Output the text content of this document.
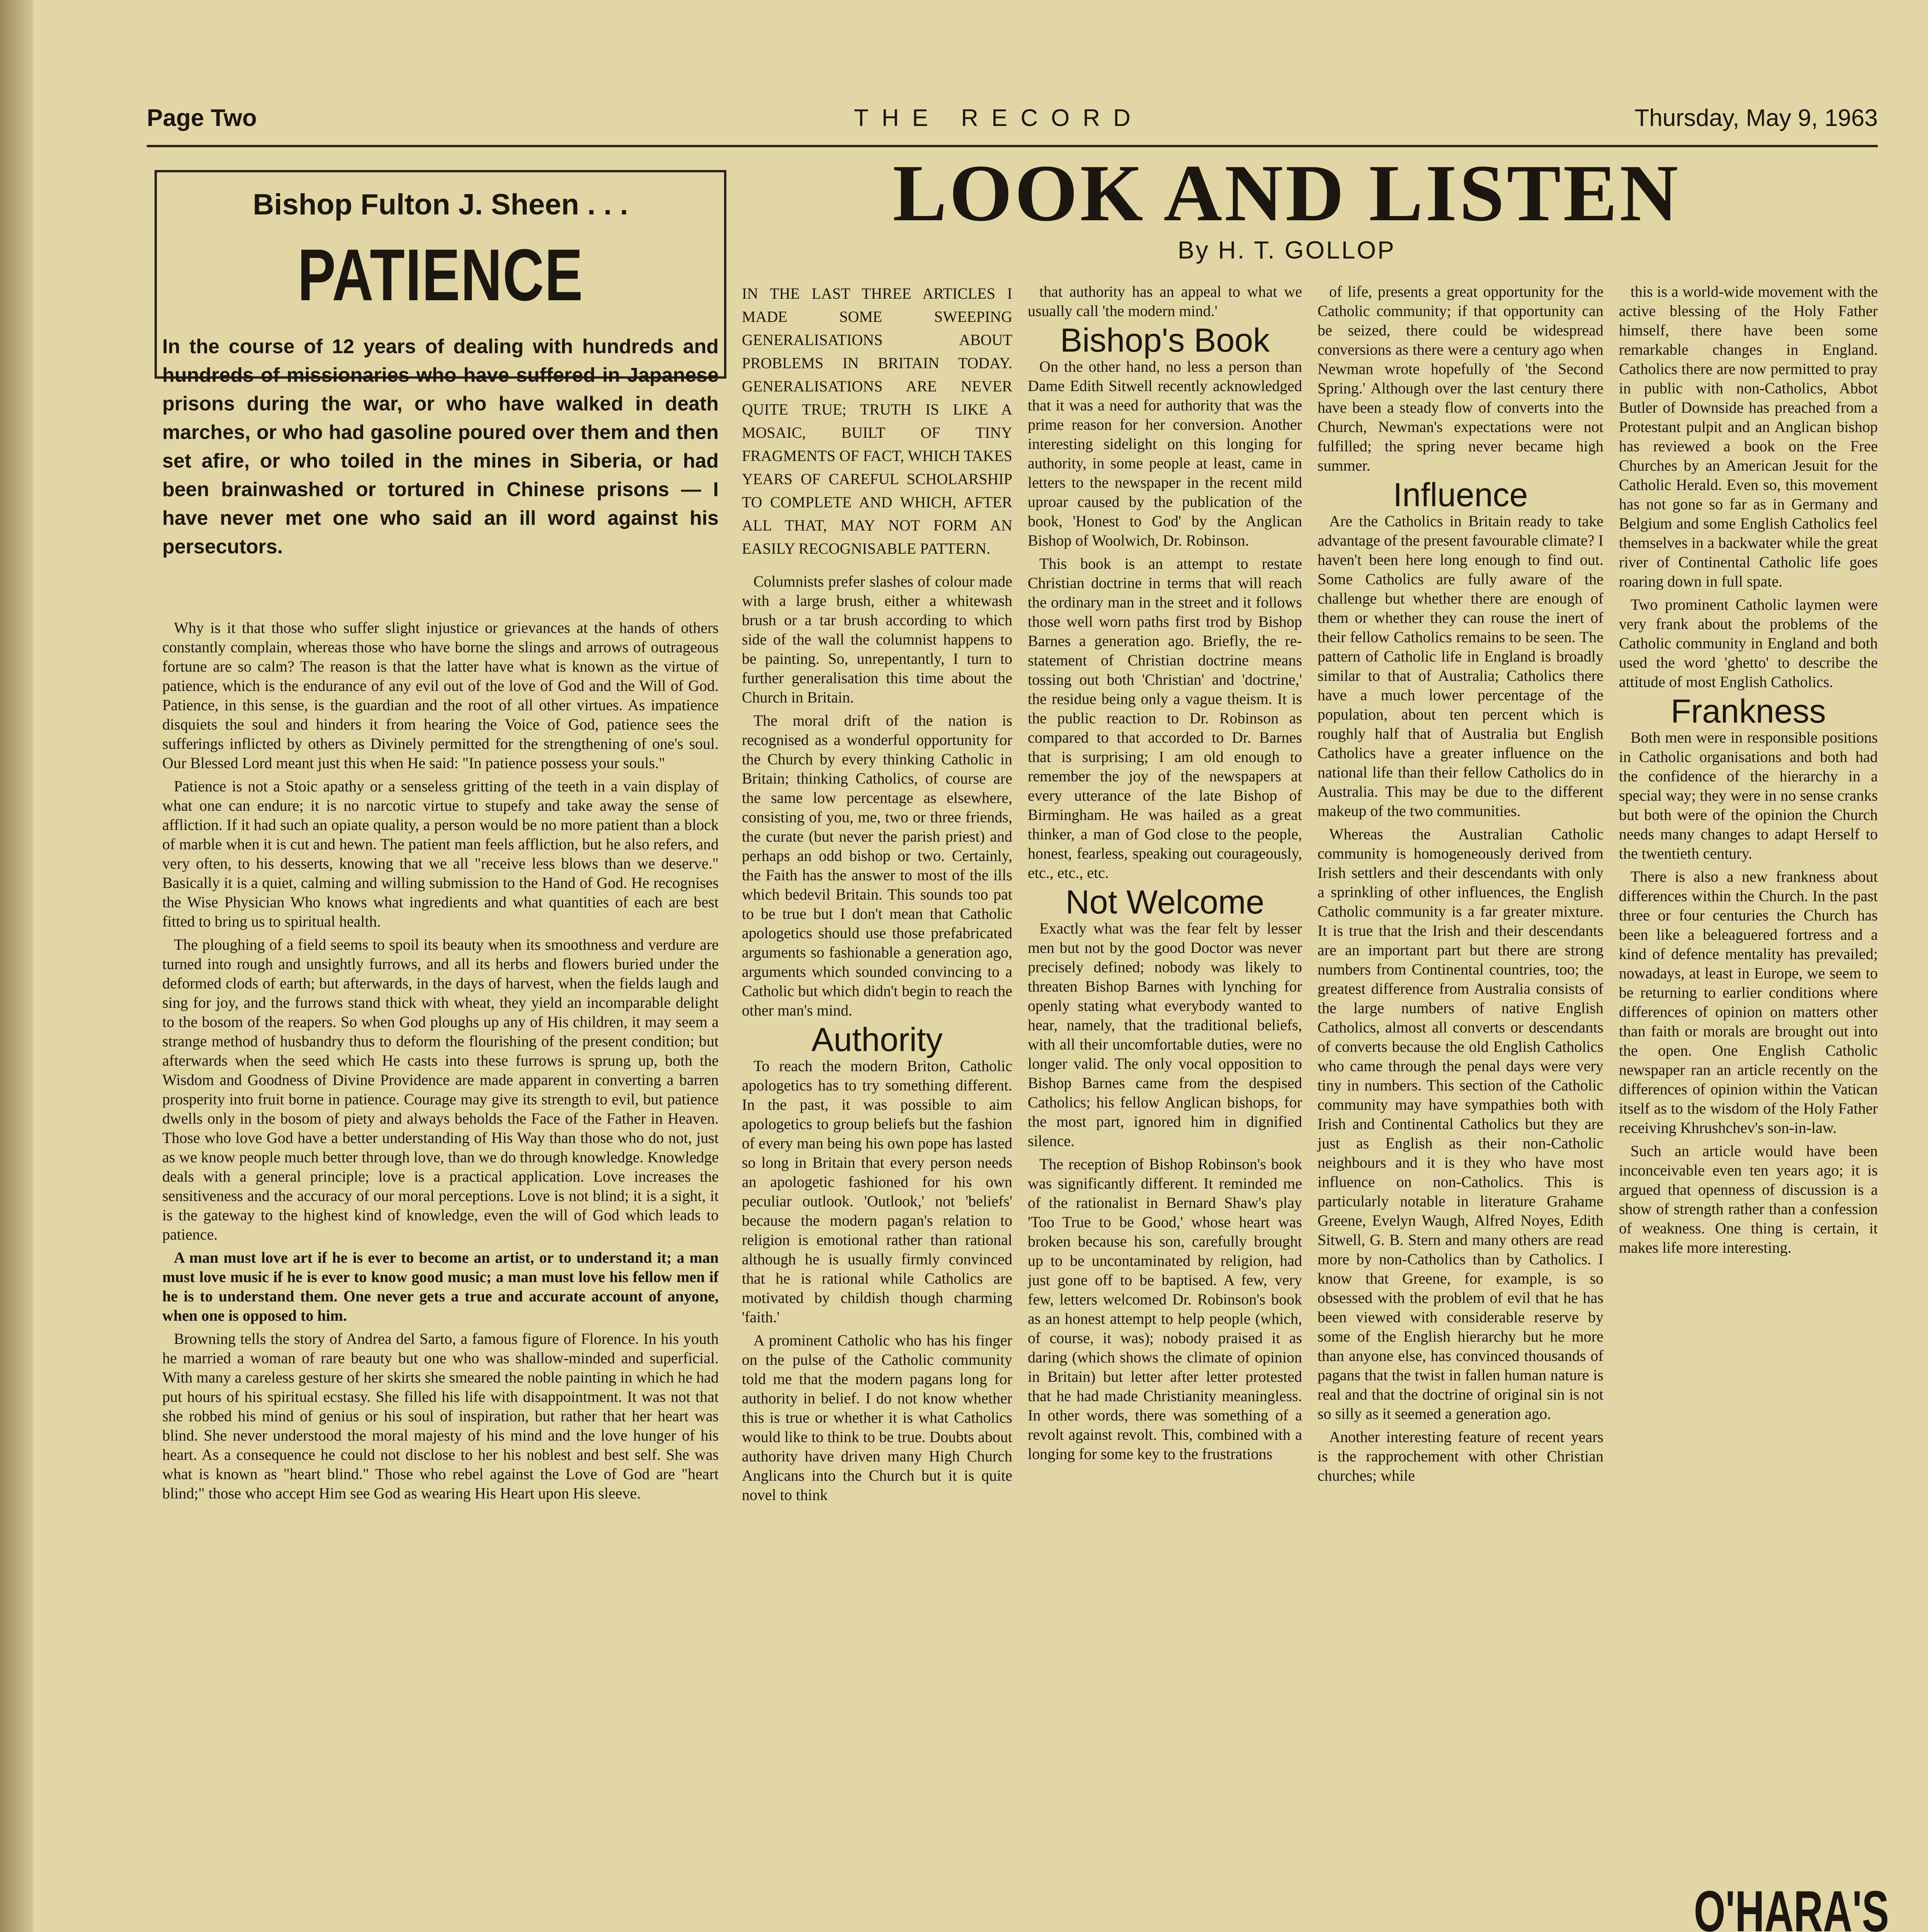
Page Two	THE RECORD	Thursday, May 9, 1963
Bishop Fulton J. Sheen . . .
PATIENCE
In the course of 12 years of dealing with hundreds and hundreds of missionaries who have suffered in Japanese prisons during the war, or who have walked in death marches, or who had gasoline poured over them and then set afire, or who toiled in the mines in Siberia, or had been brainwashed or tortured in Chinese prisons — I have never met one who said an ill word against his persecutors.

Why is it that those who suffer slight injustice or grievances at the hands of others constantly complain, whereas those who have borne the slings and arrows of outrageous fortune are so calm? The reason is that the latter have what is known as the virtue of patience, which is the endurance of any evil out of the love of God and the Will of God. Patience, in this sense, is the guardian and the root of all other virtues. As impatience disquiets the soul and hinders it from hearing the Voice of God, patience sees the sufferings inflicted by others as Divinely permitted for the strengthening of one's soul. Our Blessed Lord meant just this when He said: "In patience possess your souls."

Patience is not a Stoic apathy or a senseless gritting of the teeth in a vain display of what one can endure; it is no narcotic virtue to stupefy and take away the sense of affliction. If it had such an opiate quality, a person would be no more patient than a block of marble when it is cut and hewn. The patient man feels affliction, but he also refers, and very often, to his desserts, knowing that we all "receive less blows than we deserve." Basically it is a quiet, calming and willing submission to the Hand of God. He recognises the Wise Physician Who knows what ingredients and what quantities of each are best fitted to bring us to spiritual health.

The ploughing of a field seems to spoil its beauty when its smoothness and verdure are turned into rough and unsightly furrows, and all its herbs and flowers buried under the deformed clods of earth; but afterwards, in the days of harvest, when the fields laugh and sing for joy, and the furrows stand thick with wheat, they yield an incomparable delight to the bosom of the reapers. So when God ploughs up any of His children, it may seem a strange method of husbandry thus to deform the flourishing of the present condition; but afterwards when the seed which He casts into these furrows is sprung up, both the Wisdom and Goodness of Divine Providence are made apparent in converting a barren prosperity into fruit borne in patience. Courage may give its strength to evil, but patience dwells only in the bosom of piety and always beholds the Face of the Father in Heaven. Those who love God have a better understanding of His Way than those who do not, just as we know people much better through love, than we do through knowledge. Knowledge deals with a general principle; love is a practical application. Love increases the sensitiveness and the accuracy of our moral perceptions. Love is not blind; it is a sight, it is the gateway to the highest kind of knowledge, even the will of God which leads to patience.

A man must love art if he is ever to become an artist, or to understand it; a man must love music if he is ever to know good music; a man must love his fellow men if he is to understand them. One never gets a true and accurate account of anyone, when one is opposed to him.

Browning tells the story of Andrea del Sarto, a famous figure of Florence. In his youth he married a woman of rare beauty but one who was shallow-minded and superficial. With many a careless gesture of her skirts she smeared the noble painting in which he had put hours of his spiritual ecstasy. She filled his life with disappointment. It was not that she robbed his mind of genius or his soul of inspiration, but rather that her heart was blind. She never understood the moral majesty of his mind and the love hunger of his heart. As a consequence he could not disclose to her his noblest and best self. She was what is known as "heart blind." Those who rebel against the Love of God are "heart blind;" those who accept Him see God as wearing His Heart upon His sleeve.

LOOK AND LISTEN
By H. T. GOLLOP
IN THE LAST THREE ARTICLES I MADE SOME SWEEPING GENERALISATIONS ABOUT PROBLEMS IN BRITAIN TODAY. GENERALISATIONS ARE NEVER QUITE TRUE; TRUTH IS LIKE A MOSAIC, BUILT OF TINY FRAGMENTS OF FACT, WHICH TAKES YEARS OF CAREFUL SCHOLARSHIP TO COMPLETE AND WHICH, AFTER ALL THAT, MAY NOT FORM AN EASILY RECOGNISABLE PATTERN.

Columnists prefer slashes of colour made with a large brush, either a whitewash brush or a tar brush according to which side of the wall the columnist happens to be painting. So, unrepentantly, I turn to further generalisation this time about the Church in Britain.

The moral drift of the nation is recognised as a wonderful opportunity for the Church by every thinking Catholic in Britain; thinking Catholics, of course are the same low percentage as elsewhere, consisting of you, me, two or three friends, the curate (but never the parish priest) and perhaps an odd bishop or two. Certainly, the Faith has the answer to most of the ills which bedevil Britain. This sounds too pat to be true but I don't mean that Catholic apologetics should use those prefabricated arguments so fashionable a generation ago, arguments which sounded convincing to a Catholic but which didn't begin to reach the other man's mind.

Authority

To reach the modern Briton, Catholic apologetics has to try something different. In the past, it was possible to aim apologetics to group beliefs but the fashion of every man being his own pope has lasted so long in Britain that every person needs an apologetic fashioned for his own peculiar outlook. 'Outlook,' not 'beliefs' because the modern pagan's relation to religion is emotional rather than rational although he is usually firmly convinced that he is rational while Catholics are motivated by childish though charming 'faith.'

A prominent Catholic who has his finger on the pulse of the Catholic community told me that the modern pagans long for authority in belief. I do not know whether this is true or whether it is what Catholics would like to think to be true. Doubts about authority have driven many High Church Anglicans into the Church but it is quite novel to think

that authority has an appeal to what we usually call 'the modern mind.'

Bishop's Book

On the other hand, no less a person than Dame Edith Sitwell recently acknowledged that it was a need for authority that was the prime reason for her conversion. Another interesting sidelight on this longing for authority, in some people at least, came in letters to the newspaper in the recent mild uproar caused by the publication of the book, 'Honest to God' by the Anglican Bishop of Woolwich, Dr. Robinson.

This book is an attempt to restate Christian doctrine in terms that will reach the ordinary man in the street and it follows those well worn paths first trod by Bishop Barnes a generation ago. Briefly, the re-statement of Christian doctrine means tossing out both 'Christian' and 'doctrine,' the residue being only a vague theism. It is the public reaction to Dr. Robinson as compared to that accorded to Dr. Barnes that is surprising; I am old enough to remember the joy of the newspapers at every utterance of the late Bishop of Birmingham. He was hailed as a great thinker, a man of God close to the people, honest, fearless, speaking out courageously, etc., etc., etc.

Not Welcome

Exactly what was the fear felt by lesser men but not by the good Doctor was never precisely defined; nobody was likely to threaten Bishop Barnes with lynching for openly stating what everybody wanted to hear, namely, that the traditional beliefs, with all their uncomfortable duties, were no longer valid. The only vocal opposition to Bishop Barnes came from the despised Catholics; his fellow Anglican bishops, for the most part, ignored him in dignified silence.

The reception of Bishop Robinson's book was significantly different. It reminded me of the rationalist in Bernard Shaw's play 'Too True to be Good,' whose heart was broken because his son, carefully brought up to be uncontaminated by religion, had just gone off to be baptised. A few, very few, letters welcomed Dr. Robinson's book as an honest attempt to help people (which, of course, it was); nobody praised it as daring (which shows the climate of opinion in Britain) but letter after letter protested that he had made Christianity meaningless. In other words, there was something of a revolt against revolt. This, combined with a longing for some key to the frustrations

of life, presents a great opportunity for the Catholic community; if that opportunity can be seized, there could be widespread conversions as there were a century ago when Newman wrote hopefully of 'the Second Spring.' Although over the last century there have been a steady flow of converts into the Church, Newman's expectations were not fulfilled; the spring never became high summer.

Influence

Are the Catholics in Britain ready to take advantage of the present favourable climate? I haven't been here long enough to find out. Some Catholics are fully aware of the challenge but whether there are enough of them or whether they can rouse the inert of their fellow Catholics remains to be seen. The pattern of Catholic life in England is broadly similar to that of Australia; Catholics there have a much lower percentage of the population, about ten percent which is roughly half that of Australia but English Catholics have a greater influence on the national life than their fellow Catholics do in Australia. This may be due to the different makeup of the two communities.

Whereas the Australian Catholic community is homogeneously derived from Irish settlers and their descendants with only a sprinkling of other influences, the English Catholic community is a far greater mixture. It is true that the Irish and their descendants are an important part but there are strong numbers from Continental countries, too; the greatest difference from Australia consists of the large numbers of native English Catholics, almost all converts or descendants of converts because the old English Catholics who came through the penal days were very tiny in numbers. This section of the Catholic community may have sympathies both with Irish and Continental Catholics but they are just as English as their non-Catholic neighbours and it is they who have most influence on non-Catholics. This is particularly notable in literature Grahame Greene, Evelyn Waugh, Alfred Noyes, Edith Sitwell, G. B. Stern and many others are read more by non-Catholics than by Catholics. I know that Greene, for example, is so obsessed with the problem of evil that he has been viewed with considerable reserve by some of the English hierarchy but he more than anyone else, has convinced thousands of pagans that the twist in fallen human nature is real and that the doctrine of original sin is not so silly as it seemed a generation ago.

Another interesting feature of recent years is the rapprochement with other Christian churches; while

this is a world-wide movement with the active blessing of the Holy Father himself, there have been some remarkable changes in England. Catholics there are now permitted to pray in public with non-Catholics, Abbot Butler of Downside has preached from a Protestant pulpit and an Anglican bishop has reviewed a book on the Free Churches by an American Jesuit for the Catholic Herald. Even so, this movement has not gone so far as in Germany and Belgium and some English Catholics feel themselves in a backwater while the great river of Continental Catholic life goes roaring down in full spate.

Two prominent Catholic laymen were very frank about the problems of the Catholic community in England and both used the word 'ghetto' to describe the attitude of most English Catholics.

Frankness

Both men were in responsible positions in Catholic organisations and both had the confidence of the hierarchy in a special way; they were in no sense cranks but both were of the opinion the Church needs many changes to adapt Herself to the twentieth century.

There is also a new frankness about differences within the Church. In the past three or four centuries the Church has been like a beleaguered fortress and a kind of defence mentality has prevailed; nowadays, at least in Europe, we seem to be returning to earlier conditions where differences of opinion on matters other than faith or morals are brought out into the open. One English Catholic newspaper ran an article recently on the differences of opinion within the Vatican itself as to the wisdom of the Holy Father receiving Khrushchev's son-in-law.

Such an article would have been inconceivable even ten years ago; it is argued that openness of discussion is a show of strength rather than a confession of weakness. One thing is certain, it makes life more interesting.

O'HARA'S
